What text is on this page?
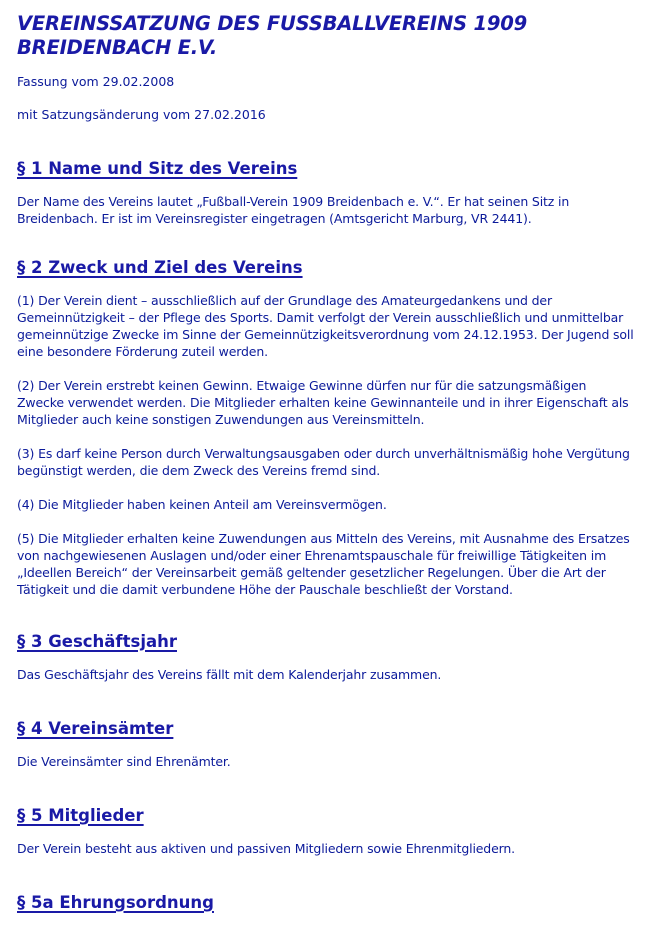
VEREINSSATZUNG DES FUSSBALLVEREINS 1909 BREIDENBACH E.V.

Fassung vom 29.02.2008

mit Satzungsänderung vom 27.02.2016

§ 1 Name und Sitz des Vereins

Der Name des Vereins lautet „Fußball-Verein 1909 Breidenbach e. V.“. Er hat seinen Sitz in Breidenbach. Er ist im Vereinsregister eingetragen (Amtsgericht Marburg, VR 2441).

§ 2 Zweck und Ziel des Vereins

(1) Der Verein dient – ausschließlich auf der Grundlage des Amateurgedankens und der Gemeinnützigkeit – der Pflege des Sports. Damit verfolgt der Verein ausschließlich und unmittelbar gemeinnützige Zwecke im Sinne der Gemeinnützigkeitsverordnung vom 24.12.1953. Der Jugend soll eine besondere Förderung zuteil werden.

(2) Der Verein erstrebt keinen Gewinn. Etwaige Gewinne dürfen nur für die satzungsmäßigen Zwecke verwendet werden. Die Mitglieder erhalten keine Gewinnanteile und in ihrer Eigenschaft als Mitglieder auch keine sonstigen Zuwendungen aus Vereinsmitteln.

(3) Es darf keine Person durch Verwaltungsausgaben oder durch unverhältnismäßig hohe Vergütung begünstigt werden, die dem Zweck des Vereins fremd sind.

(4) Die Mitglieder haben keinen Anteil am Vereinsvermögen.

(5) Die Mitglieder erhalten keine Zuwendungen aus Mitteln des Vereins, mit Ausnahme des Ersatzes von nachgewiesenen Auslagen und/oder einer Ehrenamtspauschale für freiwillige Tätigkeiten im „Ideellen Bereich“ der Vereinsarbeit gemäß geltender gesetzlicher Regelungen. Über die Art der Tätigkeit und die damit verbundene Höhe der Pauschale beschließt der Vorstand.

§ 3 Geschäftsjahr

Das Geschäftsjahr des Vereins fällt mit dem Kalenderjahr zusammen.

§ 4 Vereinsämter

Die Vereinsämter sind Ehrenämter.

§ 5 Mitglieder

Der Verein besteht aus aktiven und passiven Mitgliedern sowie Ehrenmitgliedern.

§ 5a Ehrungsordnung
